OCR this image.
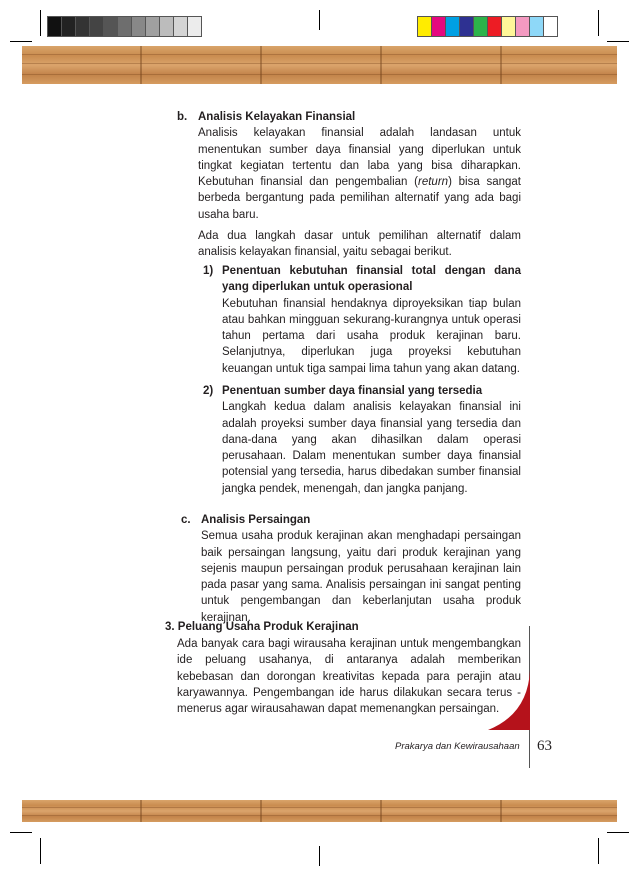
b. Analisis Kelayakan Finansial

Analisis kelayakan finansial adalah landasan untuk menentukan sumber daya finansial yang diperlukan untuk tingkat kegiatan tertentu dan laba yang bisa diharapkan. Kebutuhan finansial dan pengembalian (return) bisa sangat berbeda bergantung pada pemilihan alternatif yang ada bagi usaha baru.

Ada dua langkah dasar untuk pemilihan alternatif dalam analisis kelayakan finansial, yaitu sebagai berikut.

1) Penentuan kebutuhan finansial total dengan dana yang diperlukan untuk operasional

Kebutuhan finansial hendaknya diproyeksikan tiap bulan atau bahkan mingguan sekurang-kurangnya untuk operasi tahun pertama dari usaha produk kerajinan baru. Selanjutnya, diperlukan juga proyeksi kebutuhan keuangan untuk tiga sampai lima tahun yang akan datang.

2) Penentuan sumber daya finansial yang tersedia

Langkah kedua dalam analisis kelayakan finansial ini adalah proyeksi sumber daya finansial yang tersedia dan dana-dana yang akan dihasilkan dalam operasi perusahaan. Dalam menentukan sumber daya finansial potensial yang tersedia, harus dibedakan sumber finansial jangka pendek, menengah, dan jangka panjang.

c. Analisis Persaingan

Semua usaha produk kerajinan akan menghadapi persaingan baik persaingan langsung, yaitu dari produk kerajinan yang sejenis maupun persaingan produk perusahaan kerajinan lain pada pasar yang sama. Analisis persaingan ini sangat penting untuk pengembangan dan keberlanjutan usaha produk kerajinan.

3. Peluang Usaha Produk Kerajinan

Ada banyak cara bagi wirausaha kerajinan untuk mengembangkan ide peluang usahanya, di antaranya adalah memberikan kebebasan dan dorongan kreativitas kepada para perajin atau karyawannya. Pengembangan ide harus dilakukan secara terus - menerus agar wirausahawan dapat memenangkan persaingan.
Prakarya dan Kewirausahaan 63
